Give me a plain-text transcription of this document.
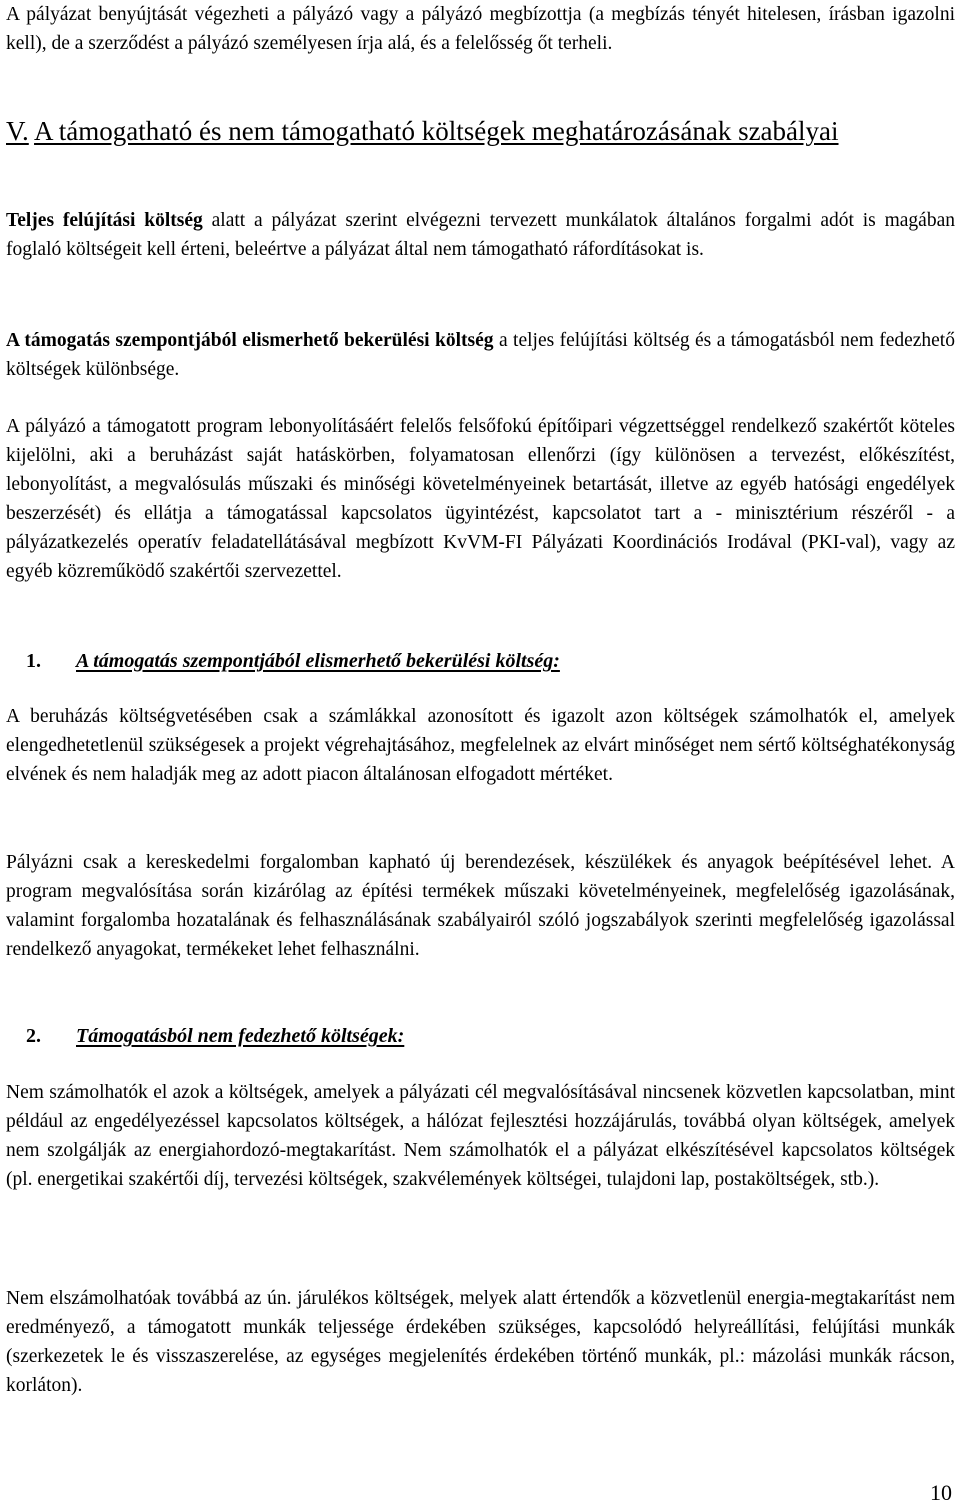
A pályázat benyújtását végezheti a pályázó vagy a pályázó megbízottja (a megbízás tényét hitelesen, írásban igazolni kell), de a szerződést a pályázó személyesen írja alá, és a felelősség őt terheli.

V. A támogatható és nem támogatható költségek meghatározásának szabályai

Teljes felújítási költség alatt a pályázat szerint elvégezni tervezett munkálatok általános forgalmi adót is magában foglaló költségeit kell érteni, beleértve a pályázat által nem támogatható ráfordításokat is.

A támogatás szempontjából elismerhető bekerülési költség a teljes felújítási költség és a támogatásból nem fedezhető költségek különbsége.

A pályázó a támogatott program lebonyolításáért felelős felsőfokú építőipari végzettséggel rendelkező szakértőt köteles kijelölni, aki a beruházást saját hatáskörben, folyamatosan ellenőrzi (így különösen a tervezést, előkészítést, lebonyolítást, a megvalósulás műszaki és minőségi követelményeinek betartását, illetve az egyéb hatósági engedélyek beszerzését) és ellátja a támogatással kapcsolatos ügyintézést, kapcsolatot tart a - minisztérium részéről - a pályázatkezelés operatív feladatellátásával megbízott KvVM-FI Pályázati Koordinációs Irodával (PKI-val), vagy az egyéb közreműködő szakértői szervezettel.

1. A támogatás szempontjából elismerhető bekerülési költség:

A beruházás költségvetésében csak a számlákkal azonosított és igazolt azon költségek számolhatók el, amelyek elengedhetetlenül szükségesek a projekt végrehajtásához, megfelelnek az elvárt minőséget nem sértő költséghatékonyság elvének és nem haladják meg az adott piacon általánosan elfogadott mértéket.

Pályázni csak a kereskedelmi forgalomban kapható új berendezések, készülékek és anyagok beépítésével lehet. A program megvalósítása során kizárólag az építési termékek műszaki követelményeinek, megfelelőség igazolásának, valamint forgalomba hozatalának és felhasználásának szabályairól szóló jogszabályok szerinti megfelelőség igazolással rendelkező anyagokat, termékeket lehet felhasználni.

2. Támogatásból nem fedezhető költségek:

Nem számolhatók el azok a költségek, amelyek a pályázati cél megvalósításával nincsenek közvetlen kapcsolatban, mint például az engedélyezéssel kapcsolatos költségek, a hálózat fejlesztési hozzájárulás, továbbá olyan költségek, amelyek nem szolgálják az energiahordozó-megtakarítást. Nem számolhatók el a pályázat elkészítésével kapcsolatos költségek (pl. energetikai szakértői díj, tervezési költségek, szakvélemények költségei, tulajdoni lap, postaköltségek, stb.).

Nem elszámolhatóak továbbá az ún. járulékos költségek, melyek alatt értendők a közvetlenül energia-megtakarítást nem eredményező, a támogatott munkák teljessége érdekében szükséges, kapcsolódó helyreállítási, felújítási munkák (szerkezetek le és visszaszerelése, az egységes megjelenítés érdekében történő munkák, pl.: mázolási munkák rácson, korláton).

10
